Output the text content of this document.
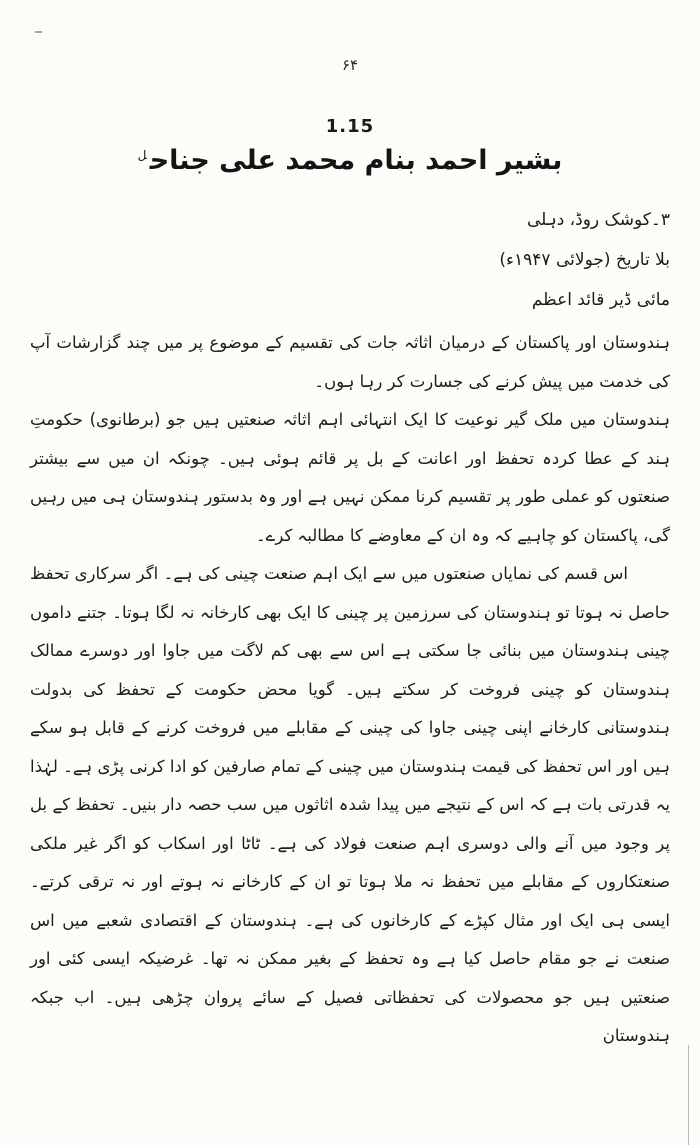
۶۴
1.15
بشیر احمد بنام محمد علی جناح$^ل$
۳۔کوشک روڈ، دہلی
بلا تاریخ (جولائی ۱۹۴۷ء)
مائی ڈیر قائد اعظم

ہندوستان اور پاکستان کے درمیان اثاثہ جات کی تقسیم کے موضوع پر میں چند گزارشات آپ کی خدمت میں پیش کرنے کی جسارت کر رہا ہوں۔

ہندوستان میں ملک گیر نوعیت کا ایک انتہائی اہم اثاثہ صنعتیں ہیں جو (برطانوی) حکومتِ ہند کے عطا کردہ تحفظ اور اعانت کے بل پر قائم ہوئی ہیں۔ چونکہ ان میں سے بیشتر صنعتوں کو عملی طور پر تقسیم کرنا ممکن نہیں ہے اور وہ بدستور ہندوستان ہی میں رہیں گی، پاکستان کو چاہیے کہ وہ ان کے معاوضے کا مطالبہ کرے۔

اس قسم کی نمایاں صنعتوں میں سے ایک اہم صنعت چینی کی ہے۔ اگر سرکاری تحفظ حاصل نہ ہوتا تو ہندوستان کی سرزمین پر چینی کا ایک بھی کارخانہ نہ لگا ہوتا۔ جتنے داموں چینی ہندوستان میں بنائی جا سکتی ہے اس سے بھی کم لاگت میں جاوا اور دوسرے ممالک ہندوستان کو چینی فروخت کر سکتے ہیں۔ گویا محض حکومت کے تحفظ کی بدولت ہندوستانی کارخانے اپنی چینی جاوا کی چینی کے مقابلے میں فروخت کرنے کے قابل ہو سکے ہیں اور اس تحفظ کی قیمت ہندوستان میں چینی کے تمام صارفین کو ادا کرنی پڑی ہے۔ لہٰذا یہ قدرتی بات ہے کہ اس کے نتیجے میں پیدا شدہ اثاثوں میں سب حصہ دار بنیں۔ تحفظ کے بل پر وجود میں آنے والی دوسری اہم صنعت فولاد کی ہے۔ ٹاٹا اور اسکاب کو اگر غیر ملکی صنعتکاروں کے مقابلے میں تحفظ نہ ملا ہوتا تو ان کے کارخانے نہ ہوتے اور نہ ترقی کرتے۔ ایسی ہی ایک اور مثال کپڑے کے کارخانوں کی ہے۔ ہندوستان کے اقتصادی شعبے میں اس صنعت نے جو مقام حاصل کیا ہے وہ تحفظ کے بغیر ممکن نہ تھا۔ غرضیکہ ایسی کئی اور صنعتیں ہیں جو محصولات کی تحفظاتی فصیل کے سائے پروان چڑھی ہیں۔ اب جبکہ ہندوستان
